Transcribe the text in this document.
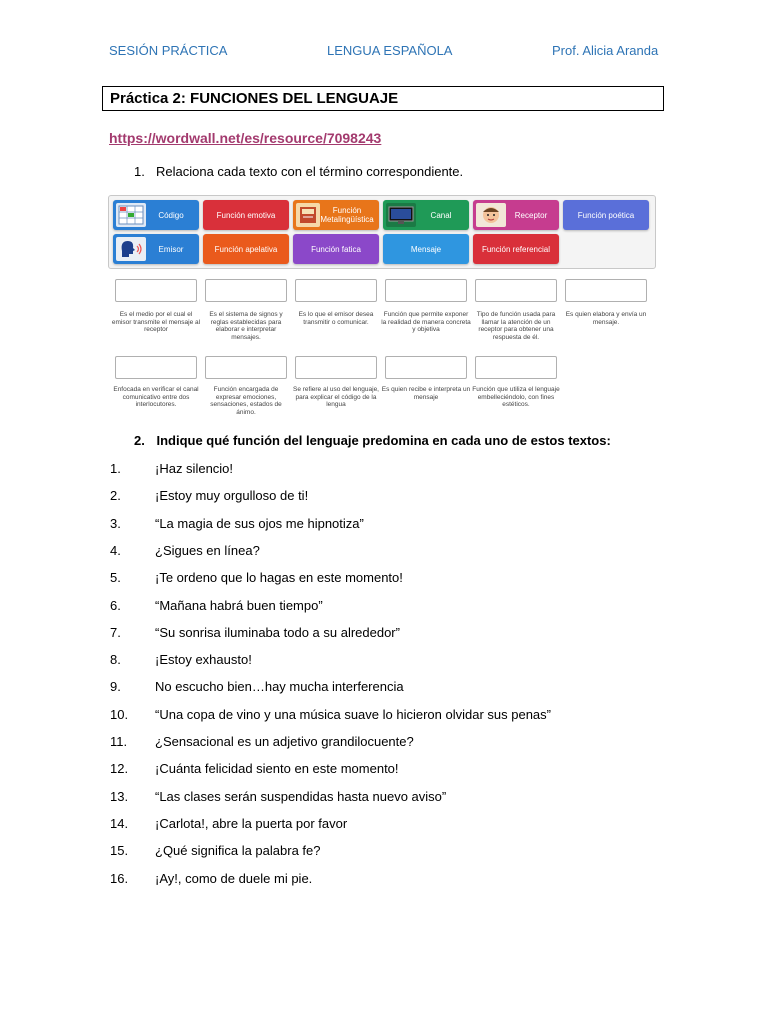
SESIÓN PRÁCTICA	LENGUA ESPAÑOLA	Prof. Alicia Aranda
Práctica 2: FUNCIONES DEL LENGUAJE
https://wordwall.net/es/resource/7098243
1. Relaciona cada texto con el término correspondiente.
Código	Función emotiva	Función Metalingüística	Canal	Receptor	Función poética
Emisor	Función apelativa	Función fatica	Mensaje	Función referencial
Es el medio por el cual el emisor transmite el mensaje al receptor
Es el sistema de signos y reglas establecidas para elaborar e interpretar mensajes.
Es lo que el emisor desea transmitir o comunicar.
Función que permite exponer la realidad de manera concreta y objetiva
Tipo de función usada para llamar la atención de un receptor para obtener una respuesta de él.
Es quien elabora y envía un mensaje.
Enfocada en verificar el canal comunicativo entre dos interlocutores.
Función encargada de expresar emociones, sensaciones, estados de ánimo.
Se refiere al uso del lenguaje, para explicar el código de la lengua
Es quien recibe e interpreta un mensaje
Función que utiliza el lenguaje embelleciéndolo, con fines estéticos.
2. Indique qué función del lenguaje predomina en cada uno de estos textos:
1.	¡Haz silencio!
2.	¡Estoy muy orgulloso de ti!
3.	“La magia de sus ojos me hipnotiza”
4.	¿Sigues en línea?
5.	¡Te ordeno que lo hagas en este momento!
6.	“Mañana habrá buen tiempo”
7.	“Su sonrisa iluminaba todo a su alrededor”
8.	¡Estoy exhausto!
9.	No escucho bien…hay mucha interferencia
10. “Una copa de vino y una música suave lo hicieron olvidar sus penas”
11. ¿Sensacional es un adjetivo grandilocuente?
12. ¡Cuánta felicidad siento en este momento!
13. “Las clases serán suspendidas hasta nuevo aviso”
14. ¡Carlota!, abre la puerta por favor
15. ¿Qué significa la palabra fe?
16. ¡Ay!, como de duele mi pie.
